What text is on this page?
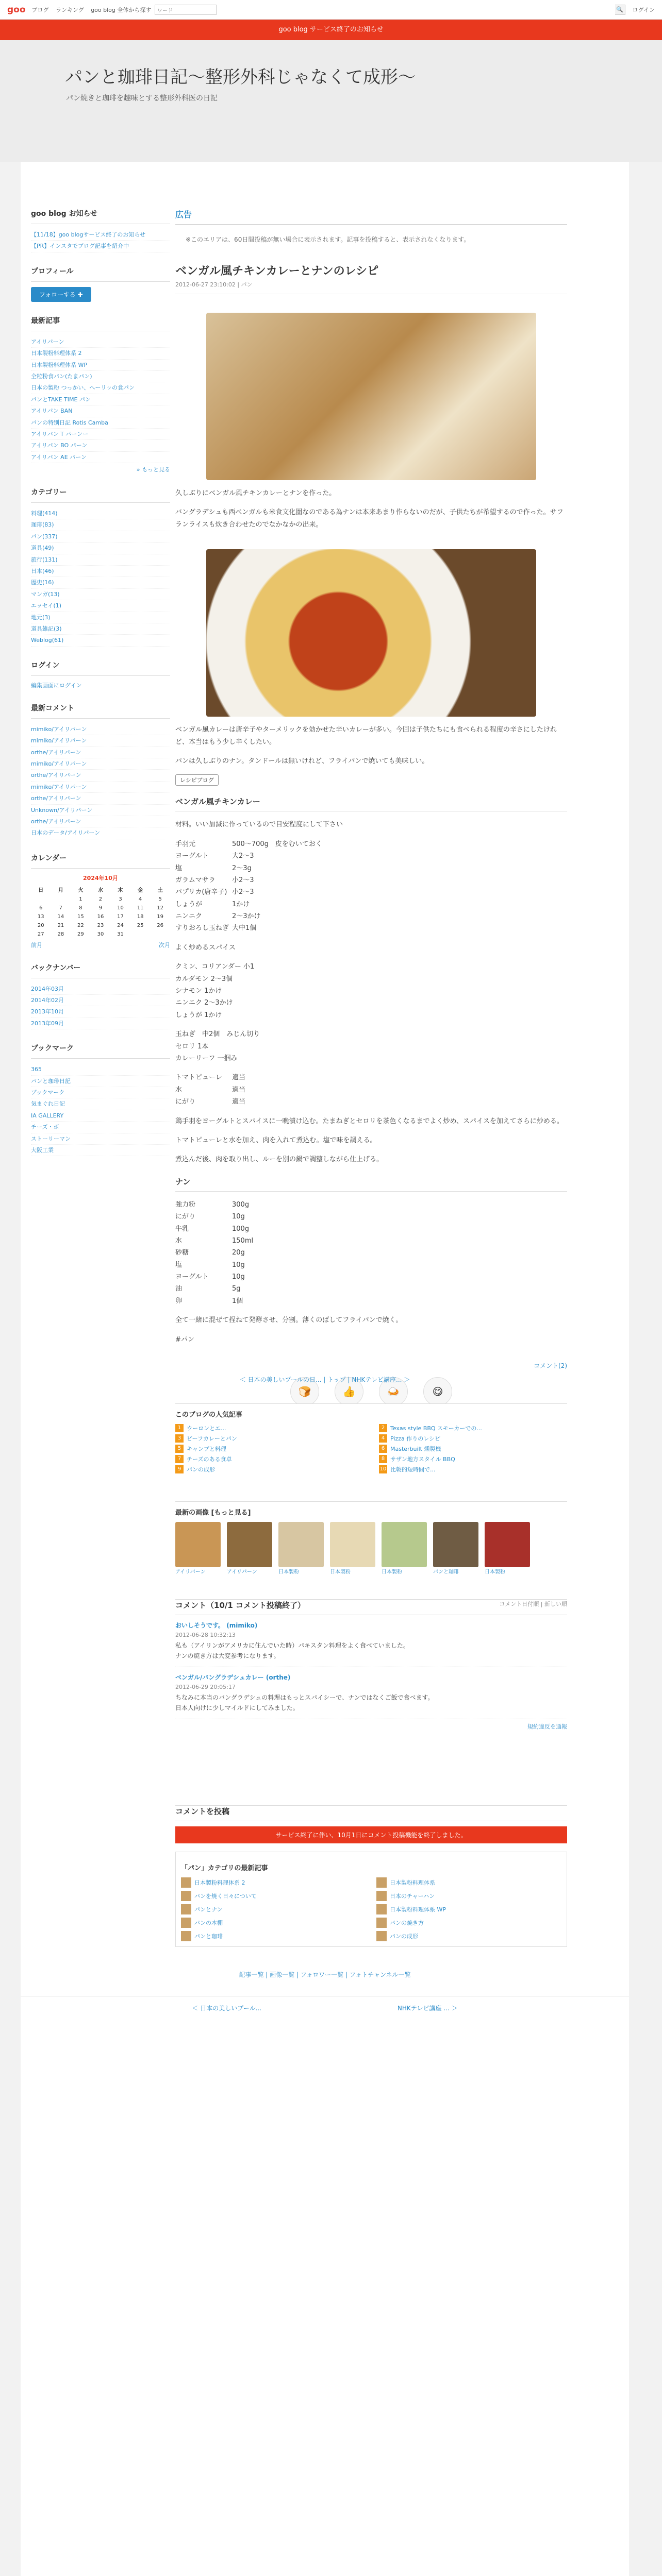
goo ブログ ランキング goo blog 全体から探す	ワード	🔍	ログイン
goo blog サービス終了のお知らせ
パンと珈琲日記〜整形外科じゃなくて成形〜

パン焼きと珈琲を趣味とする整形外科医の日記

goo blog お知らせ
【11/18】goo blogサービス終了のお知らせ
【PR】インスタでブログ記事を紹介中
プロフィール
フォローする ✚
最新記事
アイリパーン
日本製粉料理体系 2
日本製粉料理体系 WP
全粒粉食パン(たまパン)
日本の製粉 つっかい、へーリッの食パン
パンとTAKE TIME パン
アイリパン BAN
パンの特別日記 Rotis Camba
アイリパン T パーンー
アイリパン BO パーン
アイリパン AE パーン
» もっと見る
カテゴリー
料理(414)
珈琲(83)
パン(337)
道具(49)
旅行(131)
日本(46)
歴史(16)
マンガ(13)
エッセイ(1)
地元(3)
道具雑記(3)
Weblog(61)
ログイン
編集画面にログイン
最新コメント
mimiko/アイリパーン
mimiko/アイリパーン
orthe/アイリパーン
mimiko/アイリパーン
orthe/アイリパーン
mimiko/アイリパーン
orthe/アイリパーン
Unknown/アイリパーン
orthe/アイリパーン
日本のデータ/アイリパーン
カレンダー
2024年10月
日	月	火	水	木	金	土
		1	2	3	4	5
6	7	8	9	10	11	12
13	14	15	16	17	18	19
20	21	22	23	24	25	26
27	28	29	30	31		
前月	次月
バックナンバー
2014年03月
2014年02月
2013年10月
2013年09月
ブックマーク
365
パンと珈琲日記
ブックマーク
気まぐれ日記
IA GALLERY
チーズ・ボ
ストーリーマン
大阪工業
広告
※このエリアは、60日間投稿が無い場合に表示されます。記事を投稿すると、表示されなくなります。
ベンガル風チキンカレーとナンのレシピ
2012-06-27 23:10:02 | パン
久しぶりにベンガル風チキンカレーとナンを作った。
バングラデシュも西ベンガルも米食文化圏なのである為ナンは本来あまり作らないのだが、子供たちが希望するので作った。サフランライスも炊き合わせたのでなかなかの出来。
ベンガル風カレーは唐辛子やターメリックを効かせた辛いカレーが多い。今回は子供たちにも食べられる程度の辛さにしたけれど、本当はもう少し辛くしたい。
パンは久しぶりのナン。タンドールは無いけれど、フライパンで焼いても美味しい。
レシピブログ
ベンガル風チキンカレー
材料。いい加減に作っているので目安程度にして下さい
手羽元	500〜700g　皮をむいておく
ヨーグルト	大2〜3
塩	2〜3g
ガラムマサラ	小2〜3
パプリカ(唐辛子) 小2〜3
しょうが	1かけ
ニンニク	2〜3かけ
すりおろし玉ねぎ 大中1個
よく炒めるスパイス
クミン、コリアンダー 小1
カルダモン 2〜3個
シナモン 1かけ
ニンニク 2〜3かけ
しょうが 1かけ
玉ねぎ　中2個　みじん切り
セロリ 1本
カレーリーフ 一掴み
トマトピューレ	適当
水	適当
にがり	適当
鶏手羽をヨーグルトとスパイスに一晩漬け込む。たまねぎとセロリを茶色くなるまでよく炒め、スパイスを加えてさらに炒める。
トマトピューレと水を加え、肉を入れて煮込む。塩で味を調える。
煮込んだ後、肉を取り出し、ルーを別の鍋で調整しながら仕上げる。
ナン
強力粉	300g
にがり	10g
牛乳	100g
水	150ml
砂糖	20g
塩	10g
ヨーグルト	10g
油	5g
卵	1個
全て一緒に混ぜて捏ねて発酵させ、分割。薄くのばしてフライパンで焼く。
#パン
コメント(2)
🍞	👍	🍛	😋
＜ 日本の美しいプールの日... | トップ | NHKテレビ講座... ＞
このブログの人気記事
1 ウーロンとエ...	2 Texas style BBQ スモーカーでの...
3 ビーフカレーとパン	4 Pizza 作りのレシピ
5 キャンプと料理	6 Masterbuilt 燻製機
7 チーズのある食卓	8 サザン地方スタイル BBQ
9 パンの成形	10 比較的短時間で...
最新の画像 [もっと見る]
アイリパーン	アイリパーン	日本製粉	日本製粉	日本製粉	パンと珈琲	日本製粉
コメント（10/1 コメント投稿終了）	コメント日付順 | 新しい順
おいしそうです。 (mimiko)
2012-06-28 10:32:13
私も（アイリンがアメリカに住んでいた時）パキスタン料理をよく食べていました。
ナンの焼き方は大変参考になります。
ベンガル/バングラデシュカレー (orthe)
2012-06-29 20:05:17
ちなみに本当のバングラデシュの料理はもっとスパイシーで、ナンではなくご飯で食べます。
日本人向けに少しマイルドにしてみました。
規約違反を通報
コメントを投稿
サービス終了に伴い、10月1日にコメント投稿機能を終了しました。
「パン」カテゴリの最新記事
日本製粉料理体系 2	日本製粉料理体系
パンを焼く日々について	日本のチャーハン
パンとナン	日本製粉料理体系 WP
パンの本棚	パンの焼き方
パンと珈琲	パンの成形
記事一覧 | 画像一覧 | フォロワー一覧 | フォトチャンネル一覧
＜ 日本の美しいプール...	NHKテレビ講座 ... ＞
